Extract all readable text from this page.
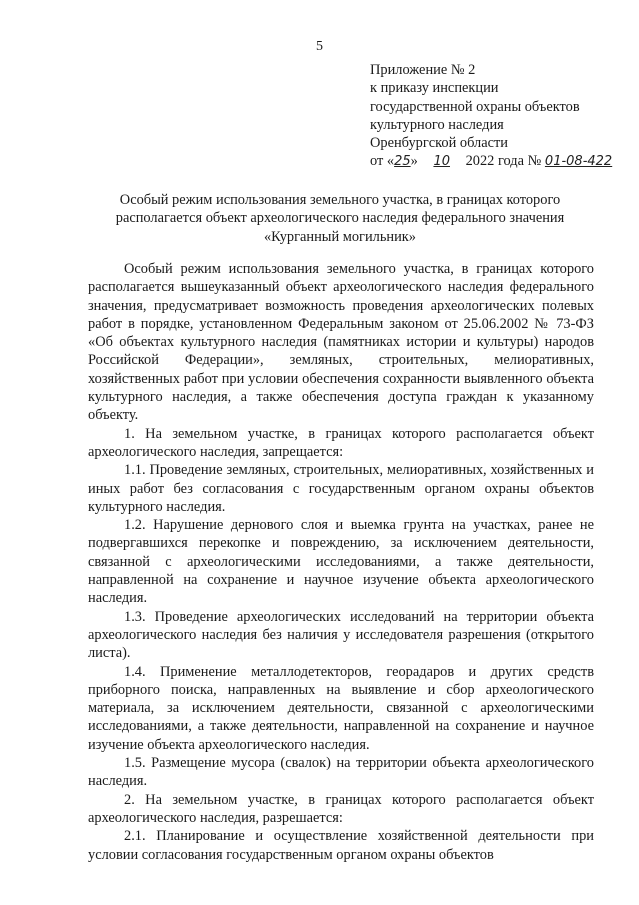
5
Приложение № 2
к приказу инспекции
государственной охраны объектов
культурного наследия
Оренбургской области
от «25» 10 2022 года № 01-08-422
Особый режим использования земельного участка, в границах которого
располагается объект археологического наследия федерального значения
«Курганный могильник»

Особый режим использования земельного участка, в границах которого располагается вышеуказанный объект археологического наследия федерального значения, предусматривает возможность проведения археологических полевых работ в порядке, установленном Федеральным законом от 25.06.2002 № 73-ФЗ «Об объектах культурного наследия (памятниках истории и культуры) народов Российской Федерации», земляных, строительных, мелиоративных, хозяйственных работ при условии обеспечения сохранности выявленного объекта культурного наследия, а также обеспечения доступа граждан к указанному объекту.

1. На земельном участке, в границах которого располагается объект археологического наследия, запрещается:

1.1. Проведение земляных, строительных, мелиоративных, хозяйственных и иных работ без согласования с государственным органом охраны объектов культурного наследия.

1.2. Нарушение дернового слоя и выемка грунта на участках, ранее не подвергавшихся перекопке и повреждению, за исключением деятельности, связанной с археологическими исследованиями, а также деятельности, направленной на сохранение и научное изучение объекта археологического наследия.

1.3. Проведение археологических исследований на территории объекта археологического наследия без наличия у исследователя разрешения (открытого листа).

1.4. Применение металлодетекторов, георадаров и других средств приборного поиска, направленных на выявление и сбор археологического материала, за исключением деятельности, связанной с археологическими исследованиями, а также деятельности, направленной на сохранение и научное изучение объекта археологического наследия.

1.5. Размещение мусора (свалок) на территории объекта археологического наследия.

2. На земельном участке, в границах которого располагается объект археологического наследия, разрешается:

2.1. Планирование и осуществление хозяйственной деятельности при условии согласования государственным органом охраны объектов
